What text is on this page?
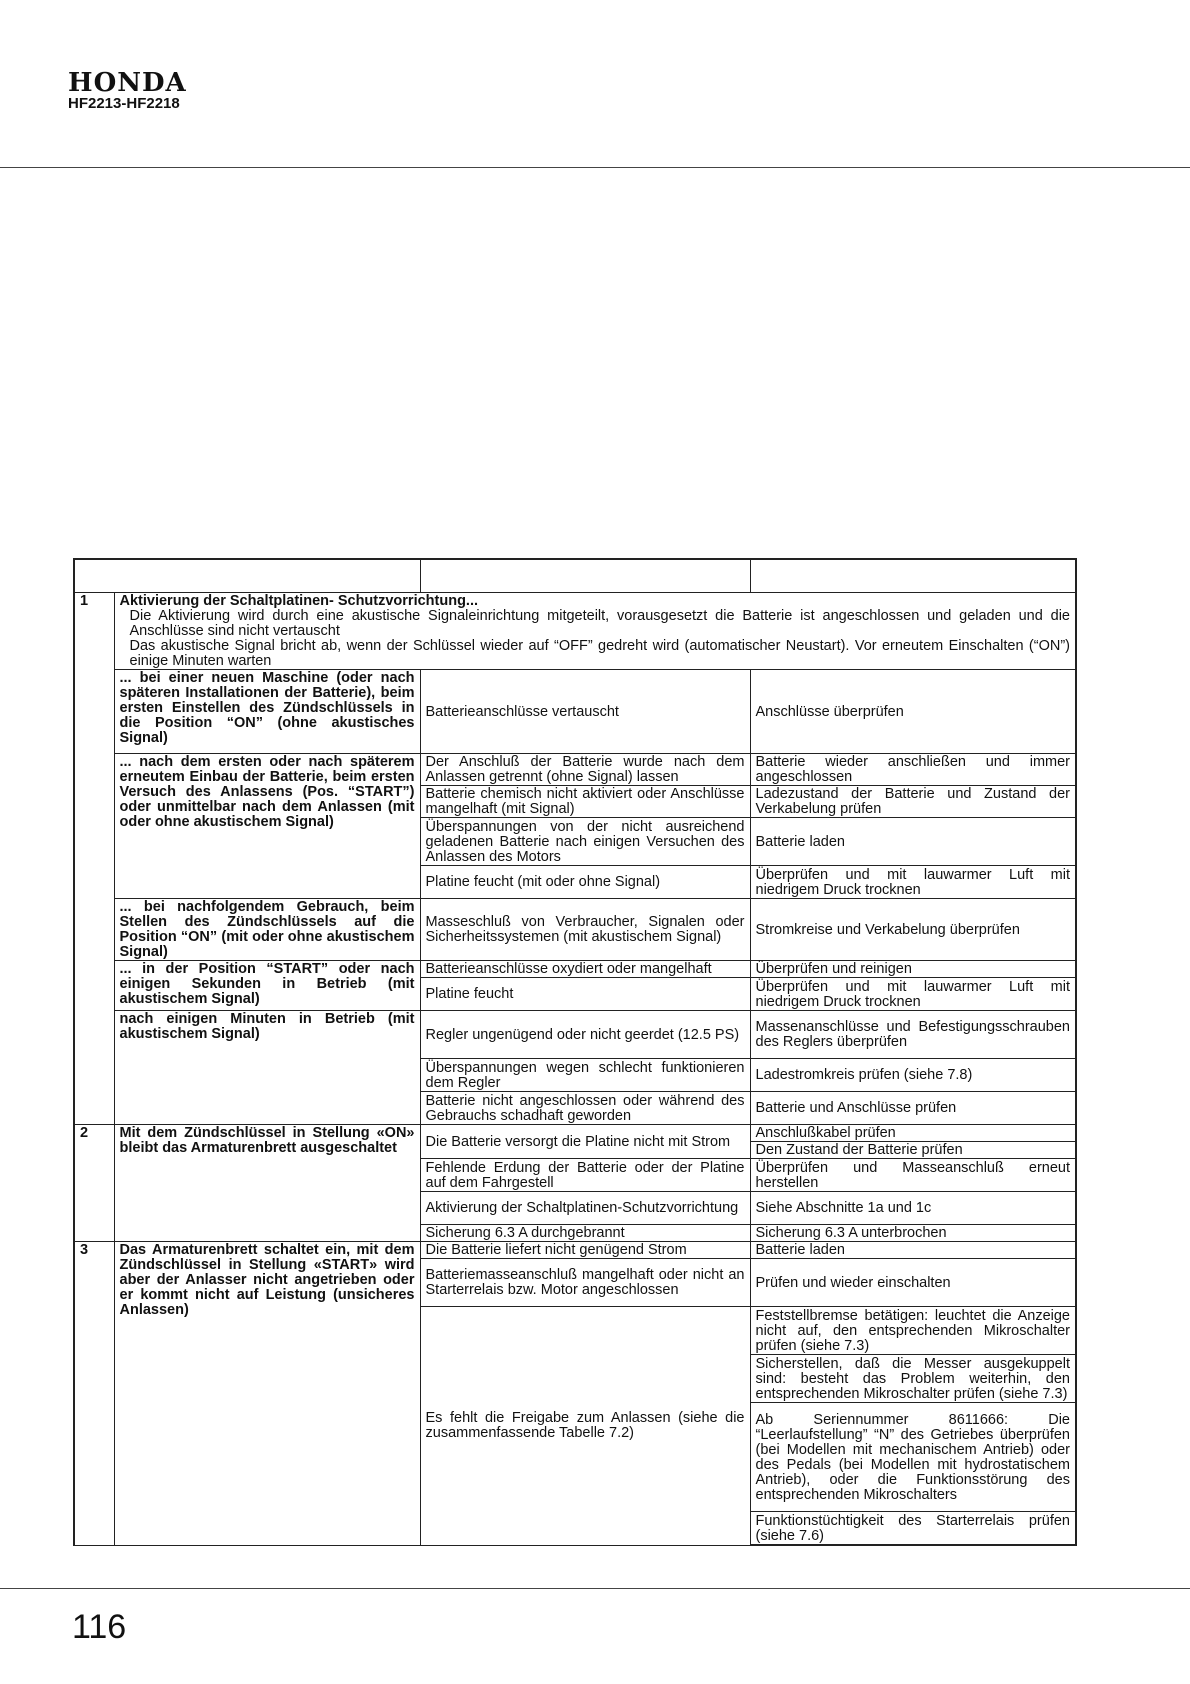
HONDA
HF2213-HF2218

1	Aktivierung der Schaltplatinen- Schutzvorrichtung...
Die Aktivierung wird durch eine akustische Signaleinrichtung mitgeteilt, vorausgesetzt die Batterie ist angeschlossen und geladen und die Anschlüsse sind nicht vertauscht
Das akustische Signal bricht ab, wenn der Schlüssel wieder auf “OFF” gedreht wird (automatischer Neustart). Vor erneutem Einschalten (“ON”) einige Minuten warten		

	... bei einer neuen Maschine (oder nach späteren Installationen der Batterie), beim ersten Einstellen des Zündschlüssels in die Position “ON” (ohne akustisches Signal)	Batterieanschlüsse vertauscht	Anschlüsse überprüfen
	... nach dem ersten oder nach späterem erneutem Einbau der Batterie, beim ersten Versuch des Anlassens (Pos. “START”) oder unmittelbar nach dem Anlassen (mit oder ohne akustischem Signal)	Der Anschluß der Batterie wurde nach dem Anlassen getrennt (ohne Signal) lassen	Batterie wieder anschließen und immer angeschlossen
		Batterie chemisch nicht aktiviert oder Anschlüsse mangelhaft (mit Signal)	Ladezustand der Batterie und Zustand der Verkabelung prüfen
		Überspannungen von der nicht ausreichend geladenen Batterie nach einigen Versuchen des Anlassen des Motors	Batterie laden
		Platine feucht (mit oder ohne Signal)	Überprüfen und mit lauwarmer Luft mit niedrigem Druck trocknen
	... bei nachfolgendem Gebrauch, beim Stellen des Zündschlüssels auf die Position “ON” (mit oder ohne akustischem Signal)	Masseschluß von Verbraucher, Signalen oder Sicherheitssystemen (mit akustischem Signal)	Stromkreise und Verkabelung überprüfen
	... in der Position “START” oder nach einigen Sekunden in Betrieb (mit akustischem Signal)	Batterieanschlüsse oxydiert oder mangelhaft	Überprüfen und reinigen
		Platine feucht	Überprüfen und mit lauwarmer Luft mit niedrigem Druck trocknen
	nach einigen Minuten in Betrieb (mit akustischem Signal)	Regler ungenügend oder nicht geerdet (12.5 PS)	Massenanschlüsse und Befestigungsschrauben des Reglers überprüfen
		Überspannungen wegen schlecht funktionieren dem Regler	Ladestromkreis prüfen (siehe 7.8)
		Batterie nicht angeschlossen oder während des Gebrauchs schadhaft geworden	Batterie und Anschlüsse prüfen
2	Mit dem Zündschlüssel in Stellung «ON» bleibt das Armaturenbrett ausgeschaltet	Die Batterie versorgt die Platine nicht mit Strom	Anschlußkabel prüfen
			Den Zustand der Batterie prüfen
		Fehlende Erdung der Batterie oder der Platine auf dem Fahrgestell	Überprüfen und Masseanschluß erneut herstellen
		Aktivierung der Schaltplatinen-Schutzvorrichtung	Siehe Abschnitte 1a und 1c
		Sicherung 6.3 A durchgebrannt	Sicherung 6.3 A unterbrochen
3	Das Armaturenbrett schaltet ein, mit dem Zündschlüssel in Stellung «START» wird aber der Anlasser nicht angetrieben oder er kommt nicht auf Leistung (unsicheres Anlassen)	Die Batterie liefert nicht genügend Strom	Batterie laden
		Batteriemasseanschluß mangelhaft oder nicht an Starterrelais bzw. Motor angeschlossen	Prüfen und wieder einschalten
		Es fehlt die Freigabe zum Anlassen (siehe die zusammenfassende Tabelle 7.2)	Feststellbremse betätigen: leuchtet die Anzeige nicht auf, den entsprechenden Mikroschalter prüfen (siehe 7.3)
			Sicherstellen, daß die Messer ausgekuppelt sind: besteht das Problem weiterhin, den entsprechenden Mikroschalter prüfen (siehe 7.3)
			Ab Seriennummer 8611666: Die “Leerlaufstellung” “N” des Getriebes überprüfen (bei Modellen mit mechanischem Antrieb) oder des Pedals (bei Modellen mit hydrostatischem Antrieb), oder die Funktionsstörung des entsprechenden Mikroschalters
			Funktionstüchtigkeit des Starterrelais prüfen (siehe 7.6)
116
